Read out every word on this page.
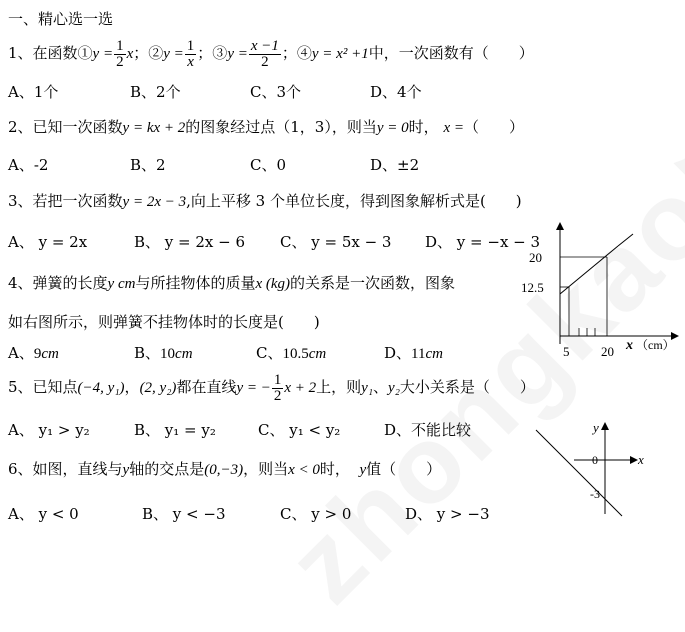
一、精心选一选
1、在函数①y = $\frac{1}{2}$ x；②y = $\frac{1}{x}$ ；③y = $\frac{x -1}{2}$ ；④y = x² +1中，一次函数有（　　）
A、1个	B、2个	C、3个	D、4个
2、已知一次函数y = kx + 2的图象经过点（1，3），则当y = 0时， x =（　　）
A、-2	B、2	C、0	D、±2
3、若把一次函数y = 2x − 3,向上平移 3 个单位长度，得到图象解析式是(　　)
A、 y = 2x	B、 y = 2x − 6 C、 y = 5x − 3 D、 y = −x − 3
4、弹簧的长度y cm与所挂物体的质量x (kg)的关系是一次函数，图象
如右图所示，则弹簧不挂物体时的长度是(　　)
A、9cm	B、10cm	C、10.5cm	D、11cm
20
12.5
5 20 x （cm）
5、已知点(−4, y₁)，(2, y₂)都在直线y = − $\frac{1}{2}$ x + 2上，则y₁、y₂大小关系是（　　）
A、 y₁ > y₂	B、 y₁ = y₂	C、 y₁ < y₂	D、不能比较
6、如图，直线与y轴的交点是(0,−3)，则当x < 0时， y值（　　）
A、 y < 0	B、 y < −3	C、 y > 0	D、 y > −3
y
x
0
-3
